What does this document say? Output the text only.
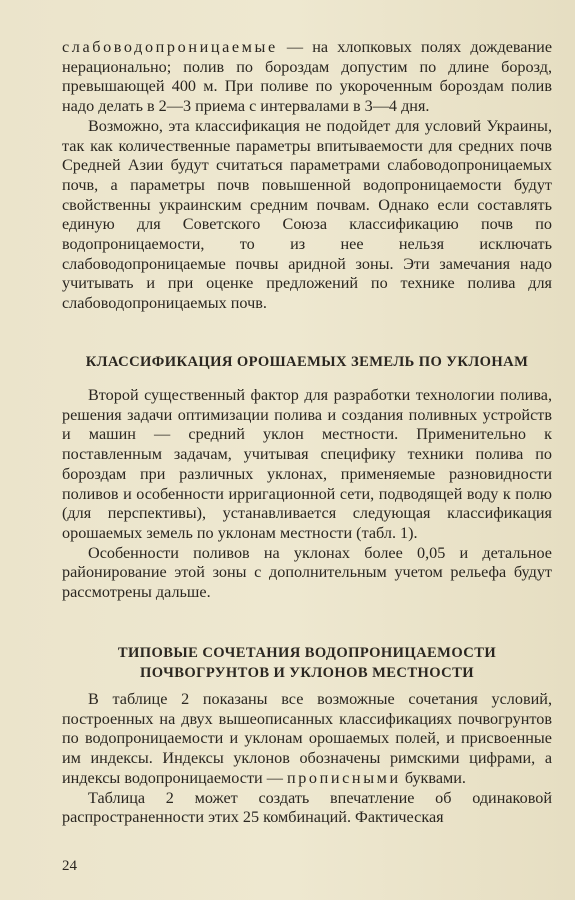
слабоводопроницаемые — на хлопковых полях дождевание нерационально; полив по бороздам допустим по длине борозд, превышающей 400 м. При поливе по укороченным бороздам полив надо делать в 2—3 приема с интервалами в 3—4 дня.

Возможно, эта классификация не подойдет для условий Украины, так как количественные параметры впитываемости для средних почв Средней Азии будут считаться параметрами слабоводопроницаемых почв, а параметры почв повышенной водопроницаемости будут свойственны украинским средним почвам. Однако если составлять единую для Советского Союза классификацию почв по водопроницаемости, то из нее нельзя исключать слабоводопроницаемые почвы аридной зоны. Эти замечания надо учитывать и при оценке предложений по технике полива для слабоводопроницаемых почв.

КЛАССИФИКАЦИЯ ОРОШАЕМЫХ ЗЕМЕЛЬ ПО УКЛОНАМ

Второй существенный фактор для разработки технологии полива, решения задачи оптимизации полива и создания поливных устройств и машин — средний уклон местности. Применительно к поставленным задачам, учитывая специфику техники полива по бороздам при различных уклонах, применяемые разновидности поливов и особенности ирригационной сети, подводящей воду к полю (для перспективы), устанавливается следующая классификация орошаемых земель по уклонам местности (табл. 1).

Особенности поливов на уклонах более 0,05 и детальное районирование этой зоны с дополнительным учетом рельефа будут рассмотрены дальше.

ТИПОВЫЕ СОЧЕТАНИЯ ВОДОПРОНИЦАЕМОСТИ
ПОЧВОГРУНТОВ И УКЛОНОВ МЕСТНОСТИ

В таблице 2 показаны все возможные сочетания условий, построенных на двух вышеописанных классификациях почвогрунтов по водопроницаемости и уклонам орошаемых полей, и присвоенные им индексы. Индексы уклонов обозначены римскими цифрами, а индексы водопроницаемости — прописными буквами.

Таблица 2 может создать впечатление об одинаковой распространенности этих 25 комбинаций. Фактическая

24
